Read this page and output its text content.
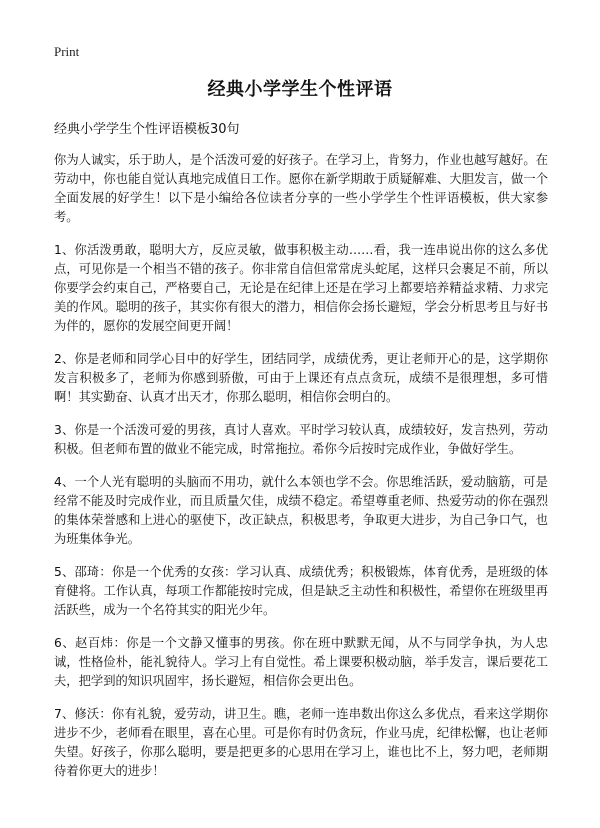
Print
经典小学学生个性评语

经典小学学生个性评语模板30句

你为人诚实，乐于助人，是个活泼可爱的好孩子。在学习上，肯努力，作业也越写越好。在劳动中，你也能自觉认真地完成值日工作。愿你在新学期敢于质疑解难、大胆发言，做一个全面发展的好学生！以下是小编给各位读者分享的一些小学学生个性评语模板，供大家参考。

1、你活泼勇敢，聪明大方，反应灵敏，做事积极主动……看，我一连串说出你的这么多优点，可见你是一个相当不错的孩子。你非常自信但常常虎头蛇尾，这样只会裹足不前，所以你要学会约束自己，严格要自己，无论是在纪律上还是在学习上都要培养精益求精、力求完美的作风。聪明的孩子，其实你有很大的潜力，相信你会扬长避短，学会分析思考且与好书为伴的，愿你的发展空间更开阔！

2、你是老师和同学心目中的好学生，团结同学，成绩优秀，更让老师开心的是，这学期你发言积极多了，老师为你感到骄傲，可由于上课还有点点贪玩，成绩不是很理想，多可惜啊！其实勤奋、认真才出天才，你那么聪明，相信你会明白的。

3、你是一个活泼可爱的男孩，真讨人喜欢。平时学习较认真，成绩较好，发言热列，劳动积极。但老师布置的做业不能完成，时常拖拉。希你今后按时完成作业，争做好学生。

4、一个人光有聪明的头脑而不用功，就什么本领也学不会。你思维活跃，爱动脑筋，可是经常不能及时完成作业，而且质量欠佳，成绩不稳定。希望尊重老师、热爱劳动的你在强烈的集体荣誉感和上进心的驱使下，改正缺点，积极思考，争取更大进步，为自己争口气，也为班集体争光。

5、邵琦：你是一个优秀的女孩：学习认真、成绩优秀；积极锻炼，体育优秀，是班级的体育健将。工作认真，每项工作都能按时完成，但是缺乏主动性和积极性，希望你在班级里再活跃些，成为一个名符其实的阳光少年。

6、赵百炜：你是一个文静又懂事的男孩。你在班中默默无闻，从不与同学争执，为人忠诚，性格俭朴，能礼貌待人。学习上有自觉性。希上课要积极动脑，举手发言，课后要花工夫，把学到的知识巩固牢，扬长避短，相信你会更出色。

7、修沃：你有礼貌，爱劳动，讲卫生。瞧，老师一连串数出你这么多优点，看来这学期你进步不少，老师看在眼里，喜在心里。可是你有时仍贪玩，作业马虎，纪律松懈，也让老师失望。好孩子，你那么聪明，要是把更多的心思用在学习上，谁也比不上，努力吧，老师期待着你更大的进步！
